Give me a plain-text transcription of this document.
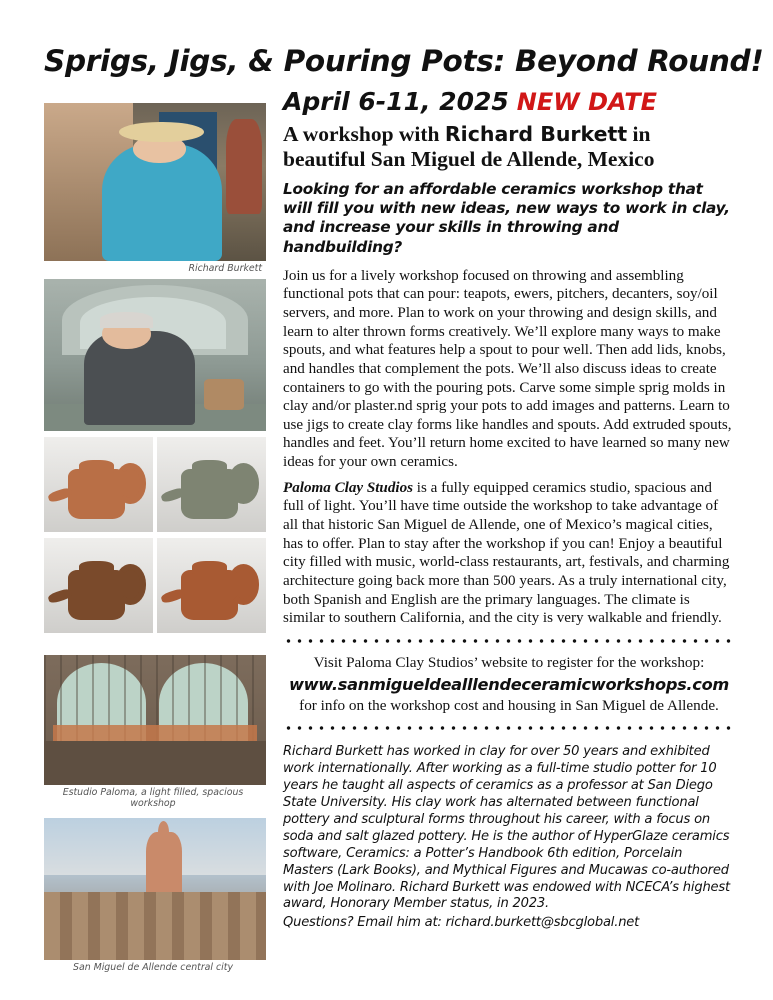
Sprigs, Jigs, & Pouring Pots: Beyond Round!
Richard Burkett
Estudio Paloma, a light filled, spacious workshop
San Miguel de Allende central city
April 6-11, 2025 NEW DATE
A workshop with Richard Burkett in
beautiful San Miguel de Allende, Mexico
Looking for an affordable ceramics workshop that will fill you with new ideas, new ways to work in clay, and increase your skills in throwing and handbuilding?
Join us for a lively workshop focused on throwing and assembling functional pots that can pour: teapots, ewers, pitchers, decanters, soy/oil servers, and more. Plan to work on your throwing and design skills, and learn to alter thrown forms creatively. We’ll explore many ways to make spouts, and what features help a spout to pour well. Then add lids, knobs, and handles that complement the pots. We’ll also discuss ideas to create containers to go with the pouring pots. Carve some simple sprig molds in clay and/or plaster.nd sprig your pots to add images and patterns. Learn to use jigs to create clay forms like handles and spouts. Add extruded spouts, handles and feet. You’ll return home excited to have learned so many new ideas for your own ceramics.
Paloma Clay Studios is a fully equipped ceramics studio, spacious and full of light. You’ll have time outside the workshop to take advantage of all that historic San Miguel de Allende, one of Mexico’s magical cities, has to offer. Plan to stay after the workshop if you can! Enjoy a beautiful city filled with music, world-class restaurants, art, festivals, and charming architecture going back more than 500 years. As a truly international city, both Spanish and English are the primary languages. The climate is similar to southern California, and the city is very walkable and friendly.
Visit Paloma Clay Studios’ website to register for the workshop:
www.sanmigueldealllendeceramicworkshops.com
for info on the workshop cost and housing in San Miguel de Allende.
Richard Burkett has worked in clay for over 50 years and exhibited work internationally. After working as a full-time studio potter for 10 years he taught all aspects of ceramics as a professor at San Diego State University. His clay work has alternated between functional pottery and sculptural forms throughout his career, with a focus on soda and salt glazed pottery. He is the author of HyperGlaze ceramics software, Ceramics: a Potter’s Handbook 6th edition, Porcelain Masters (Lark Books), and Mythical Figures and Mucawas co-authored with Joe Molinaro. Richard Burkett was endowed with NCECA’s highest award, Honorary Member status, in 2023.
Questions? Email him at: richard.burkett@sbcglobal.net
